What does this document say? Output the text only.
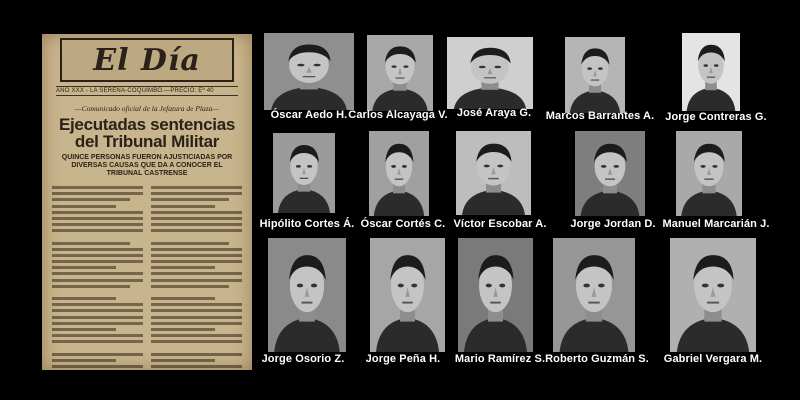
El Día
AÑO XXX - LA SERENA-COQUIMBO.—PRECIO: Eº 40
—Comunicado oficial de la Jefatura de Plaza—
Ejecutadas sentencias
del Tribunal Militar
QUINCE PERSONAS FUERON AJUSTICIADAS POR DIVERSAS CAUSAS QUE DA A CONOCER EL TRIBUNAL CASTRENSE
Óscar Aedo H. Carlos Alcayaga V. José Araya G.	Marcos Barrantes A.	Jorge Contreras G.
Hipólito Cortes Á. Óscar Cortés C. Víctor Escobar A.	Jorge Jordan D. Manuel Marcarián J.
Jorge Osorio Z.	Jorge Peña H.	Mario Ramírez S. Roberto Guzmán S.	Gabriel Vergara M.
